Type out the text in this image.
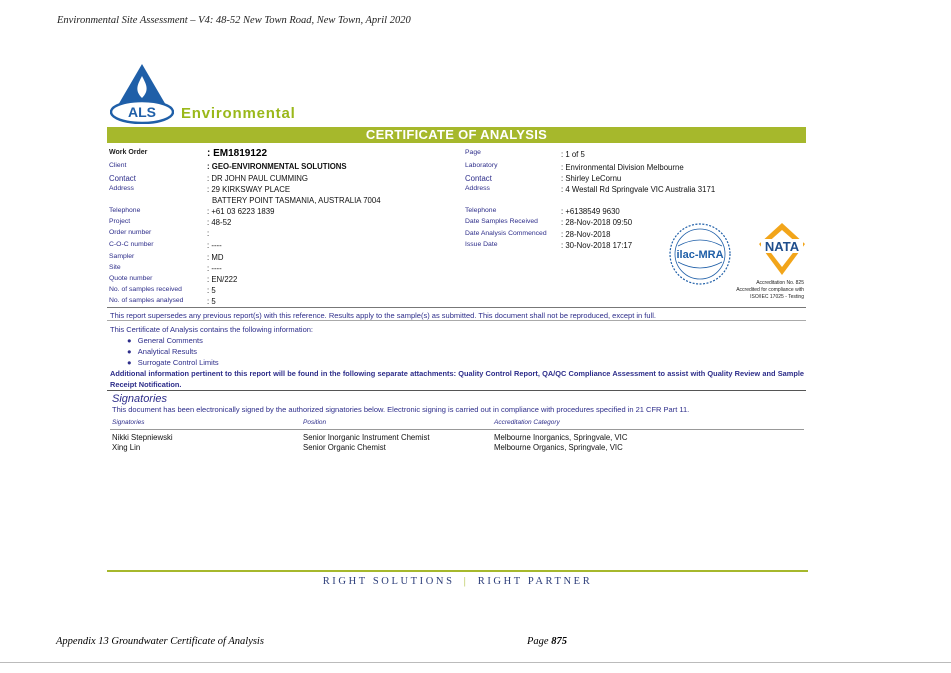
Environmental Site Assessment – V4: 48-52 New Town Road, New Town, April 2020
ALS Environmental
CERTIFICATE OF ANALYSIS
Work Order	: EM1819122
Client	: GEO-ENVIRONMENTAL SOLUTIONS
Contact	: DR JOHN PAUL CUMMING
Address	: 29 KIRKSWAY PLACE
BATTERY POINT TASMANIA, AUSTRALIA 7004
Telephone	: +61 03 6223 1839
Project	: 48-52
Order number	:
C-O-C number	: ----
Sampler	: MD
Site	: ----
Quote number	: EN/222
No. of samples received	: 5
No. of samples analysed	: 5
Page	: 1 of 5
Laboratory	: Environmental Division Melbourne
Contact	: Shirley LeCornu
Address	: 4 Westall Rd Springvale VIC Australia 3171
Telephone	: +6138549 9630
Date Samples Received	: 28-Nov-2018 09:50
Date Analysis Commenced : 28-Nov-2018
Issue Date	: 30-Nov-2018 17:17
ilac-MRA
NATA
Accreditation No. 825
Accredited for compliance with
ISO/IEC 17025 - Testing
This report supersedes any previous report(s) with this reference. Results apply to the sample(s) as submitted. This document shall not be reproduced, except in full.
This Certificate of Analysis contains the following information:
● General Comments
● Analytical Results
● Surrogate Control Limits
Additional information pertinent to this report will be found in the following separate attachments: Quality Control Report, QA/QC Compliance Assessment to assist with Quality Review and Sample Receipt Notification.
Signatories
This document has been electronically signed by the authorized signatories below. Electronic signing is carried out in compliance with procedures specified in 21 CFR Part 11.
Signatories	Position	Accreditation Category
Nikki Stepniewski	Senior Inorganic Instrument Chemist	Melbourne Inorganics, Springvale, VIC
Xing Lin	Senior Organic Chemist	Melbourne Organics, Springvale, VIC
RIGHT SOLUTIONS | RIGHT PARTNER
Appendix 13 Groundwater Certificate of Analysis	Page 875
